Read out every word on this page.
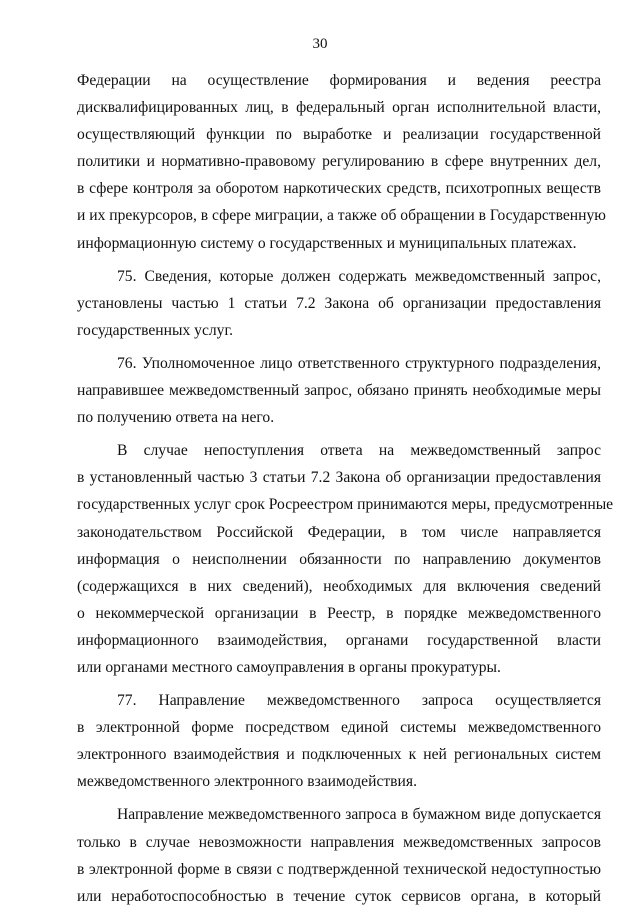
30
Федерации на осуществление формирования и ведения реестра
дисквалифицированных лиц, в федеральный орган исполнительной власти,
осуществляющий функции по выработке и реализации государственной
политики и нормативно-правовому регулированию в сфере внутренних дел,
в сфере контроля за оборотом наркотических средств, психотропных веществ
и их прекурсоров, в сфере миграции, а также об обращении в Государственную
информационную систему о государственных и муниципальных платежах.
75. Сведения, которые должен содержать межведомственный запрос,
установлены частью 1 статьи 7.2 Закона об организации предоставления
государственных услуг.
76. Уполномоченное лицо ответственного структурного подразделения,
направившее межведомственный запрос, обязано принять необходимые меры
по получению ответа на него.
В случае непоступления ответа на межведомственный запрос
в установленный частью 3 статьи 7.2 Закона об организации предоставления
государственных услуг срок Росреестром принимаются меры, предусмотренные
законодательством Российской Федерации, в том числе направляется
информация о неисполнении обязанности по направлению документов
(содержащихся в них сведений), необходимых для включения сведений
о некоммерческой организации в Реестр, в порядке межведомственного
информационного взаимодействия, органами государственной власти
или органами местного самоуправления в органы прокуратуры.
77. Направление межведомственного запроса осуществляется
в электронной форме посредством единой системы межведомственного
электронного взаимодействия и подключенных к ней региональных систем
межведомственного электронного взаимодействия.
Направление межведомственного запроса в бумажном виде допускается
только в случае невозможности направления межведомственных запросов
в электронной форме в связи с подтвержденной технической недоступностью
или неработоспособностью в течение суток сервисов органа, в который
